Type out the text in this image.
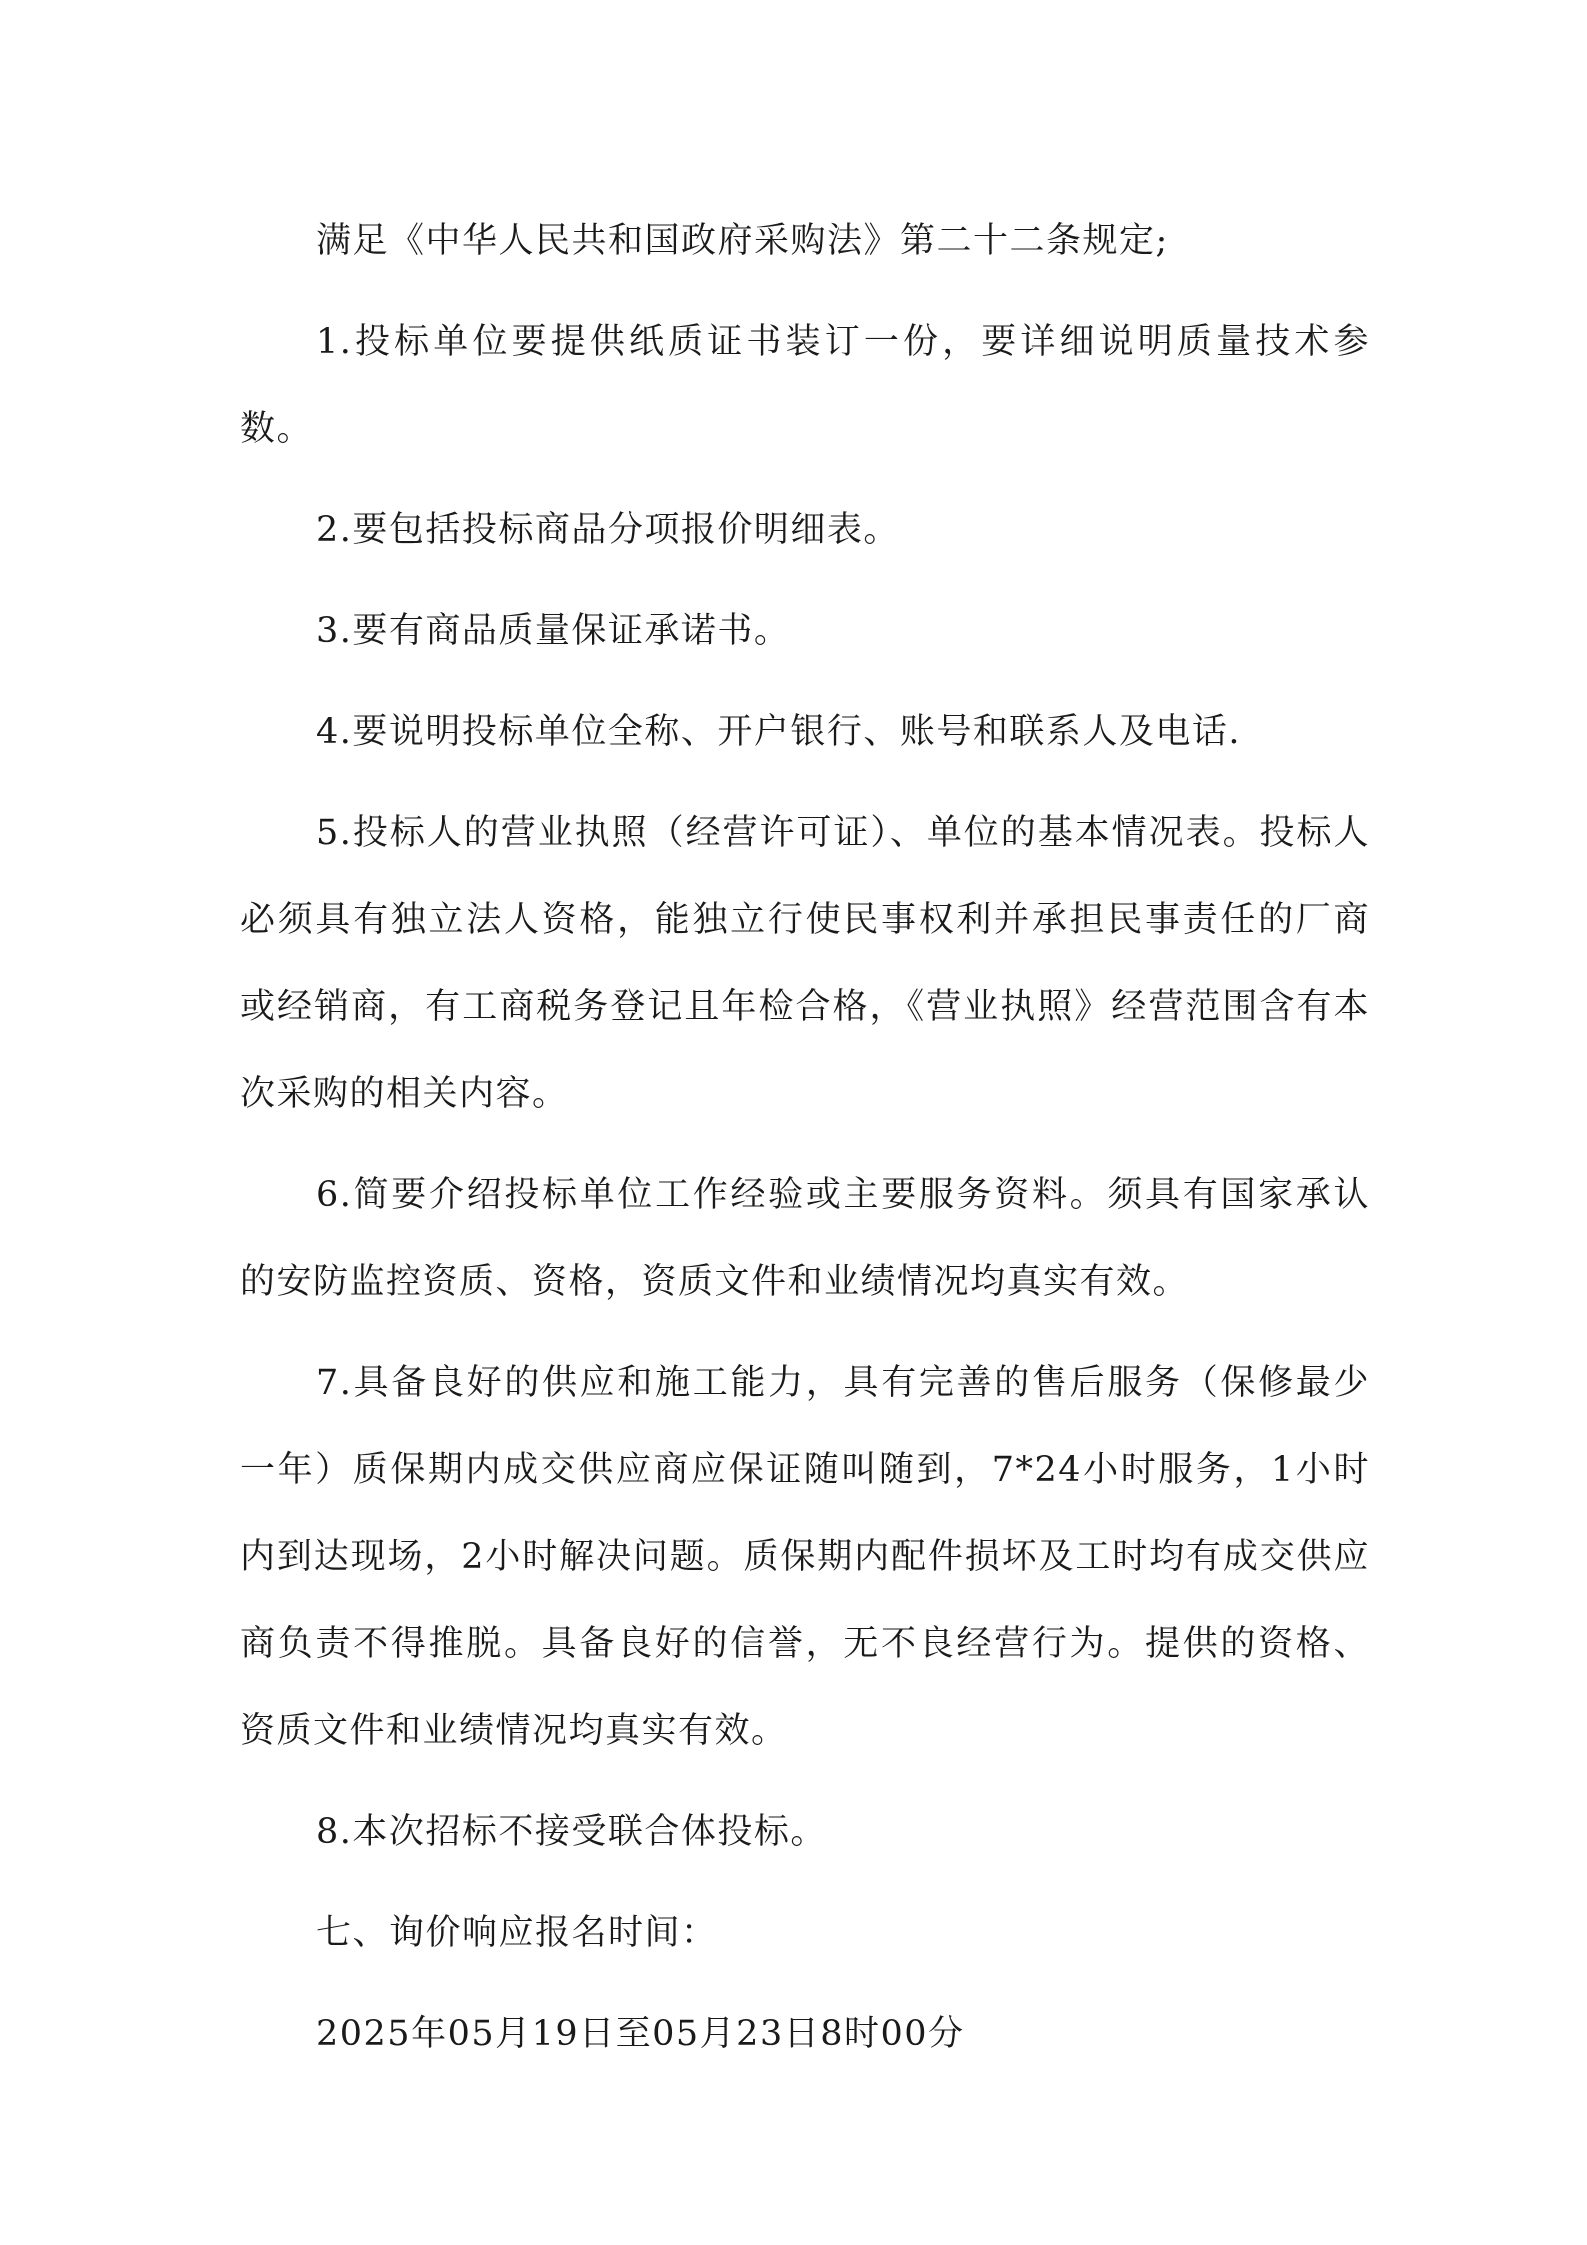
满足《中华人民共和国政府采购法》第二十二条规定;

1.投标单位要提供纸质证书装订一份，要详细说明质量技术参数。

2.要包括投标商品分项报价明细表。

3.要有商品质量保证承诺书。

4.要说明投标单位全称、开户银行、账号和联系人及电话.

5.投标人的营业执照（经营许可证）、单位的基本情况表。投标人必须具有独立法人资格，能独立行使民事权利并承担民事责任的厂商或经销商，有工商税务登记且年检合格，《营业执照》经营范围含有本次采购的相关内容。

6.简要介绍投标单位工作经验或主要服务资料。须具有国家承认的安防监控资质、资格，资质文件和业绩情况均真实有效。

7.具备良好的供应和施工能力，具有完善的售后服务（保修最少一年）质保期内成交供应商应保证随叫随到，7*24小时服务，1小时内到达现场，2小时解决问题。质保期内配件损坏及工时均有成交供应商负责不得推脱。具备良好的信誉，无不良经营行为。提供的资格、资质文件和业绩情况均真实有效。

8.本次招标不接受联合体投标。

七、询价响应报名时间：

2025年05月19日至05月23日8时00分
